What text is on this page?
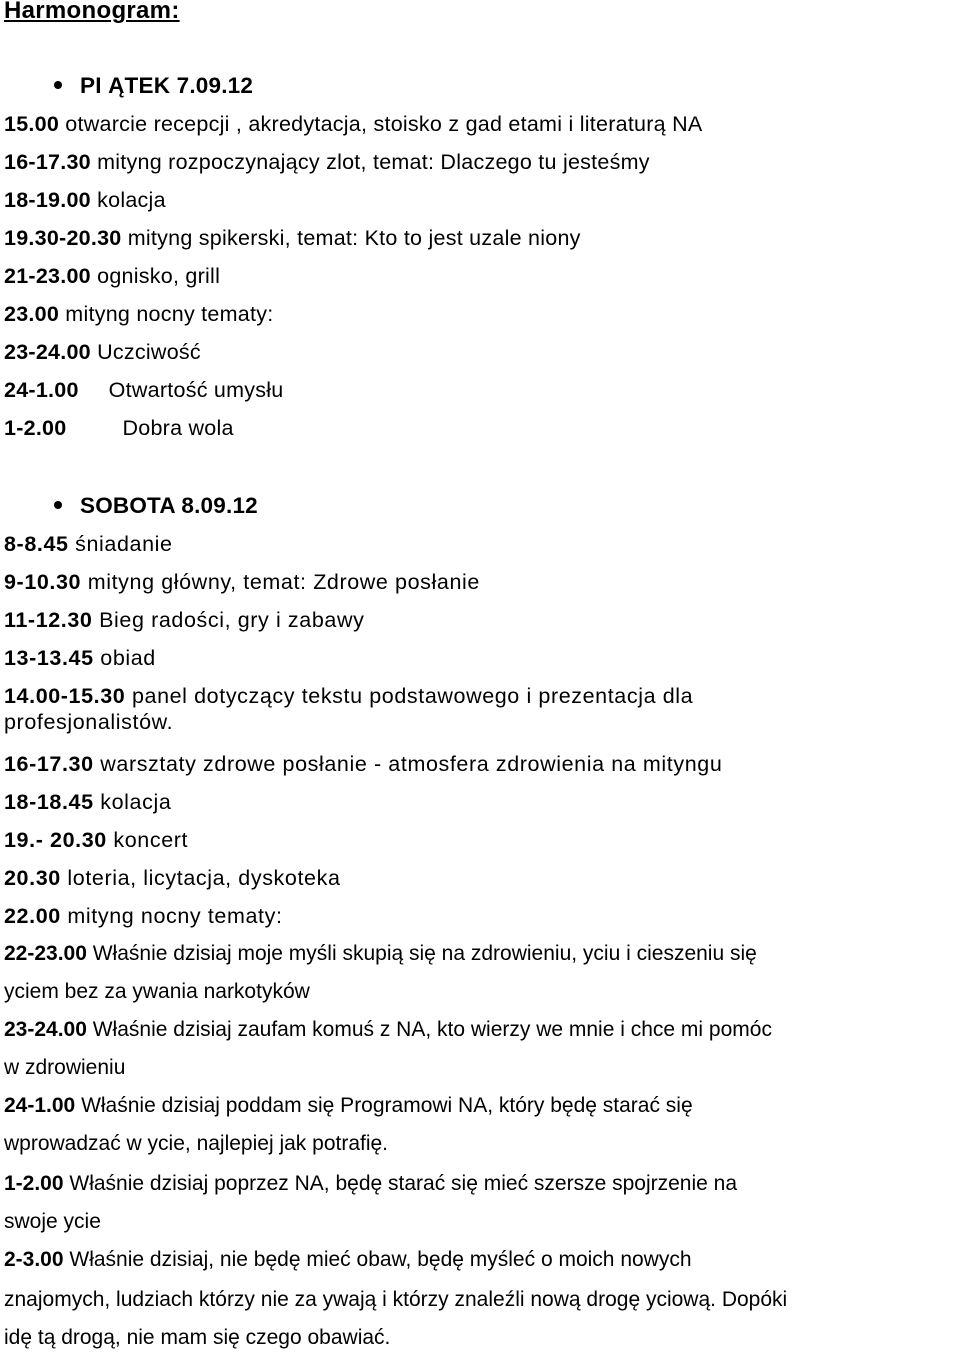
Harmonogram:
PI ĄTEK 7.09.12
15.00 otwarcie recepcji , akredytacja, stoisko z gad etami i literaturą NA
16-17.30 mityng rozpoczynający zlot, temat: Dlaczego tu jesteśmy
18-19.00 kolacja
19.30-20.30 mityng spikerski, temat: Kto to jest uzale niony
21-23.00 ognisko, grill
23.00 mityng nocny tematy:
23-24.00 Uczciwość
24-1.00 Otwartość umysłu
1-2.00	Dobra wola
SOBOTA 8.09.12
8-8.45 śniadanie
9-10.30 mityng główny, temat: Zdrowe posłanie
11-12.30 Bieg radości, gry i zabawy
13-13.45 obiad
14.00-15.30 panel dotyczący tekstu podstawowego i prezentacja dla
profesjonalistów.
16-17.30 warsztaty zdrowe posłanie - atmosfera zdrowienia na mityngu
18-18.45 kolacja
19.- 20.30 koncert
20.30 loteria, licytacja, dyskoteka
22.00 mityng nocny tematy:
22-23.00 Właśnie dzisiaj moje myśli skupią się na zdrowieniu, yciu i cieszeniu się
yciem bez za ywania narkotyków
23-24.00 Właśnie dzisiaj zaufam komuś z NA, kto wierzy we mnie i chce mi pomóc
w zdrowieniu
24-1.00 Właśnie dzisiaj poddam się Programowi NA, który będę starać się
wprowadzać w ycie, najlepiej jak potrafię.
1-2.00 Właśnie dzisiaj poprzez NA, będę starać się mieć szersze spojrzenie na
swoje ycie
2-3.00 Właśnie dzisiaj, nie będę mieć obaw, będę myśleć o moich nowych
znajomych, ludziach którzy nie za ywają i którzy znaleźli nową drogę yciową. Dopóki
idę tą drogą, nie mam się czego obawiać.
